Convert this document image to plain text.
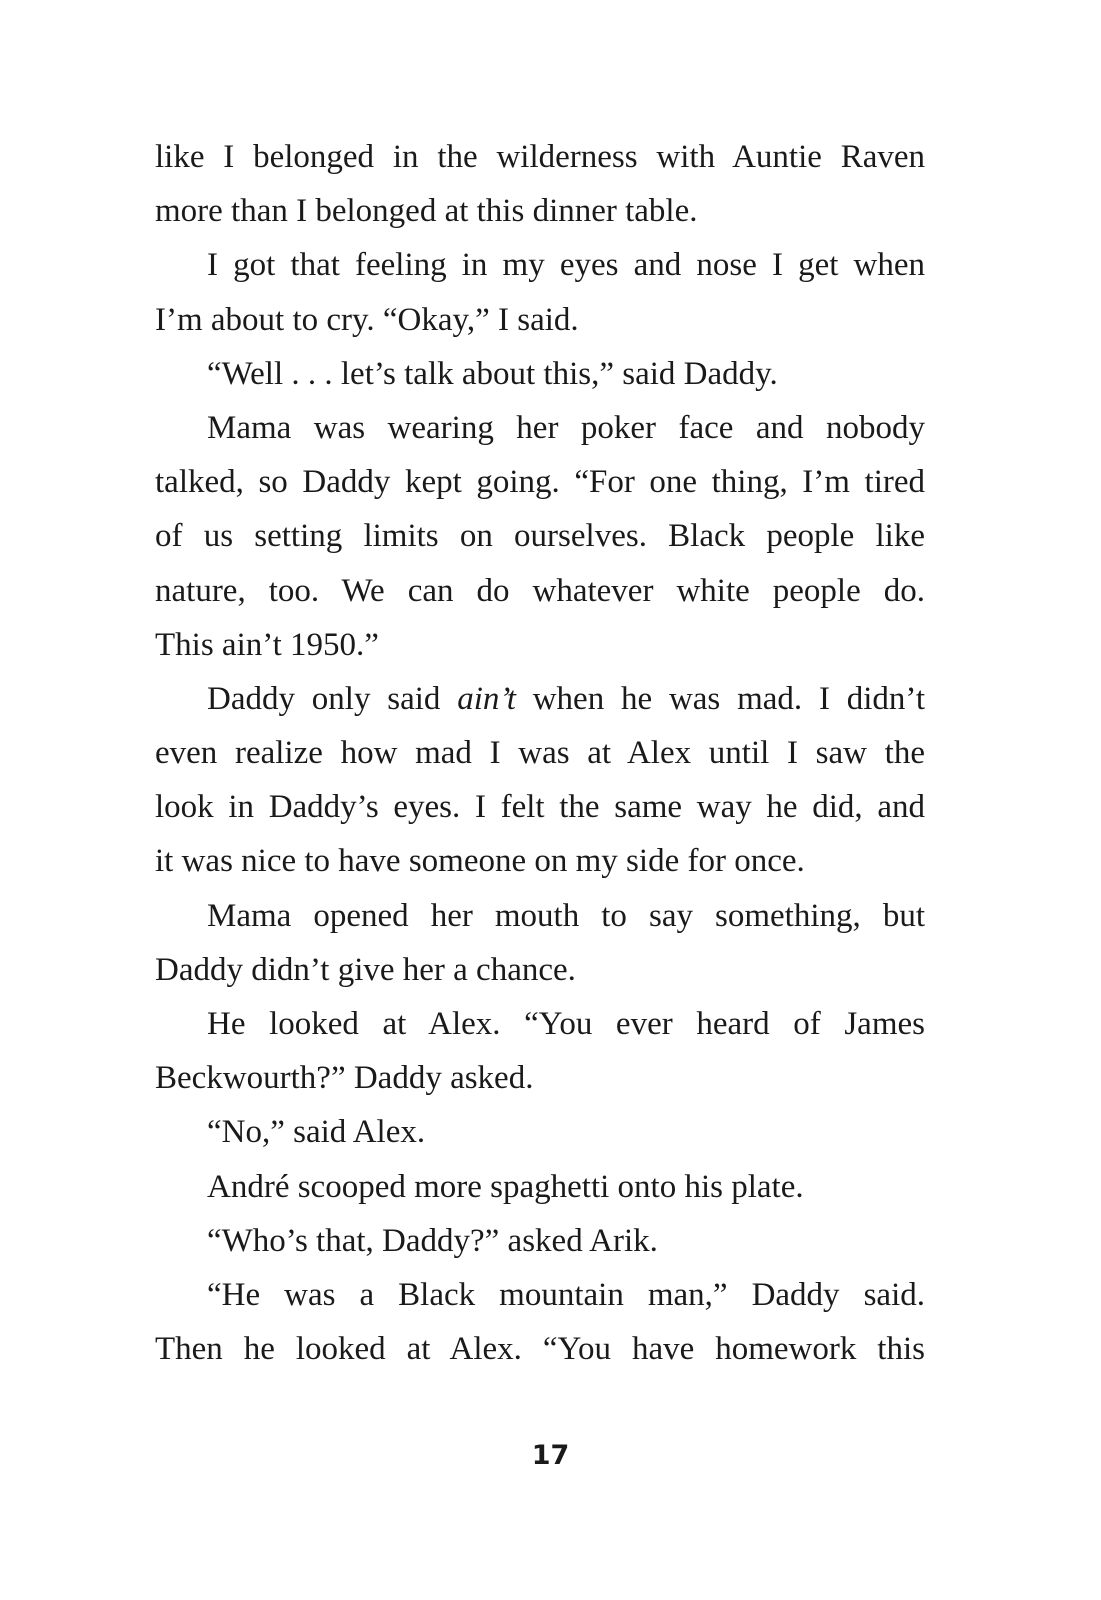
like I belonged in the wilderness with Auntie Raven
more than I belonged at this dinner table.
I got that feeling in my eyes and nose I get when
I’m about to cry. “Okay,” I said.
“Well . . . let’s talk about this,” said Daddy.
Mama was wearing her poker face and nobody
talked, so Daddy kept going. “For one thing, I’m tired
of us setting limits on ourselves. Black people like
nature, too. We can do whatever white people do.
This ain’t 1950.”
Daddy only said ain’t when he was mad. I didn’t
even realize how mad I was at Alex until I saw the
look in Daddy’s eyes. I felt the same way he did, and
it was nice to have someone on my side for once.
Mama opened her mouth to say something, but
Daddy didn’t give her a chance.
He looked at Alex. “You ever heard of James
Beckwourth?” Daddy asked.
“No,” said Alex.
André scooped more spaghetti onto his plate.
“Who’s that, Daddy?” asked Arik.
“He was a Black mountain man,” Daddy said.
Then he looked at Alex. “You have homework this
17
